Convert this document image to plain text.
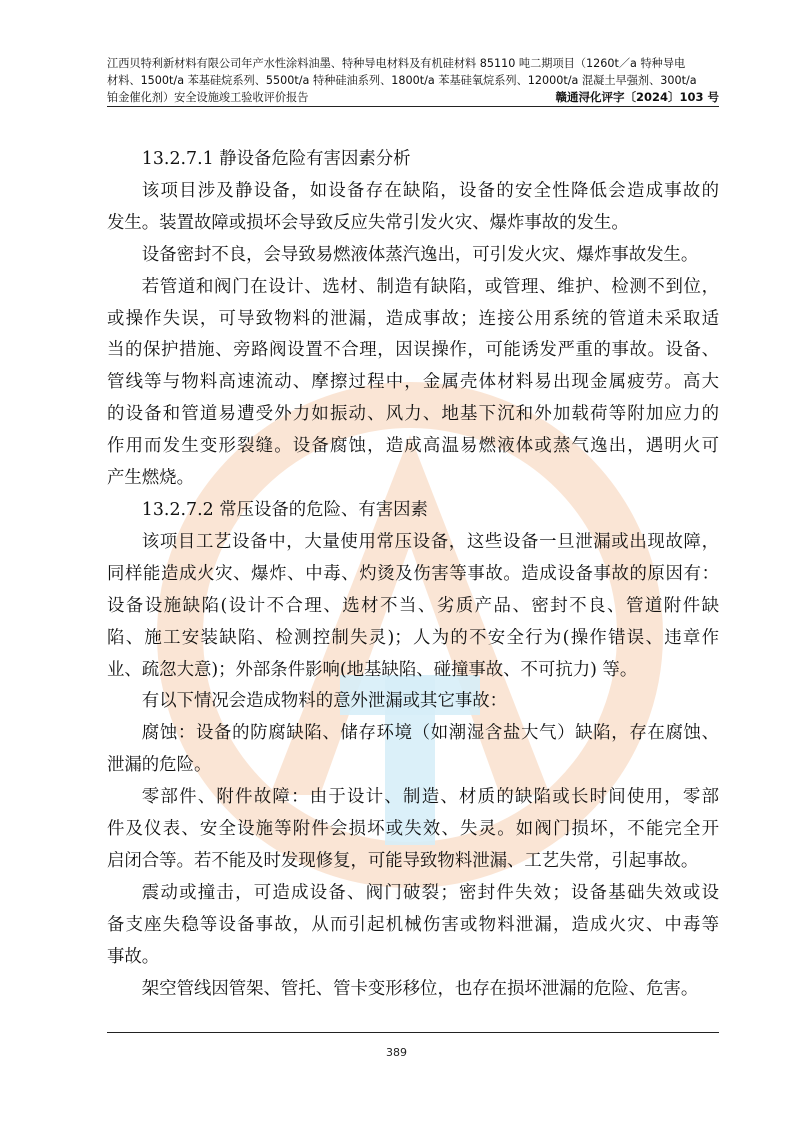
江西贝特利新材料有限公司年产水性涂料油墨、特种导电材料及有机硅材料 85110 吨二期项目（1260t／a 特种导电
材料、1500t/a 苯基硅烷系列、5500t/a 特种硅油系列、1800t/a 苯基硅氧烷系列、12000t/a 混凝土早强剂、300t/a
铂金催化剂）安全设施竣工验收评价报告	赣通浔化评字〔2024〕103 号
13.2.7.1 静设备危险有害因素分析
该项目涉及静设备，如设备存在缺陷，设备的安全性降低会造成事故的
发生。装置故障或损坏会导致反应失常引发火灾、爆炸事故的发生。
设备密封不良，会导致易燃液体蒸汽逸出，可引发火灾、爆炸事故发生。
若管道和阀门在设计、选材、制造有缺陷，或管理、维护、检测不到位，
或操作失误，可导致物料的泄漏，造成事故；连接公用系统的管道未采取适
当的保护措施、旁路阀设置不合理，因误操作，可能诱发严重的事故。设备、
管线等与物料高速流动、摩擦过程中，金属壳体材料易出现金属疲劳。高大
的设备和管道易遭受外力如振动、风力、地基下沉和外加载荷等附加应力的
作用而发生变形裂缝。设备腐蚀，造成高温易燃液体或蒸气逸出，遇明火可
产生燃烧。
13.2.7.2 常压设备的危险、有害因素
该项目工艺设备中，大量使用常压设备，这些设备一旦泄漏或出现故障，
同样能造成火灾、爆炸、中毒、灼烫及伤害等事故。造成设备事故的原因有：
设备设施缺陷(设计不合理、选材不当、劣质产品、密封不良、管道附件缺
陷、施工安装缺陷、检测控制失灵)；人为的不安全行为(操作错误、违章作
业、疏忽大意)；外部条件影响(地基缺陷、碰撞事故、不可抗力) 等。
有以下情况会造成物料的意外泄漏或其它事故：
腐蚀：设备的防腐缺陷、储存环境（如潮湿含盐大气）缺陷，存在腐蚀、
泄漏的危险。
零部件、附件故障：由于设计、制造、材质的缺陷或长时间使用，零部
件及仪表、安全设施等附件会损坏或失效、失灵。如阀门损坏，不能完全开
启闭合等。若不能及时发现修复，可能导致物料泄漏、工艺失常，引起事故。
震动或撞击，可造成设备、阀门破裂；密封件失效；设备基础失效或设
备支座失稳等设备事故，从而引起机械伤害或物料泄漏，造成火灾、中毒等
事故。
架空管线因管架、管托、管卡变形移位，也存在损坏泄漏的危险、危害。
389
